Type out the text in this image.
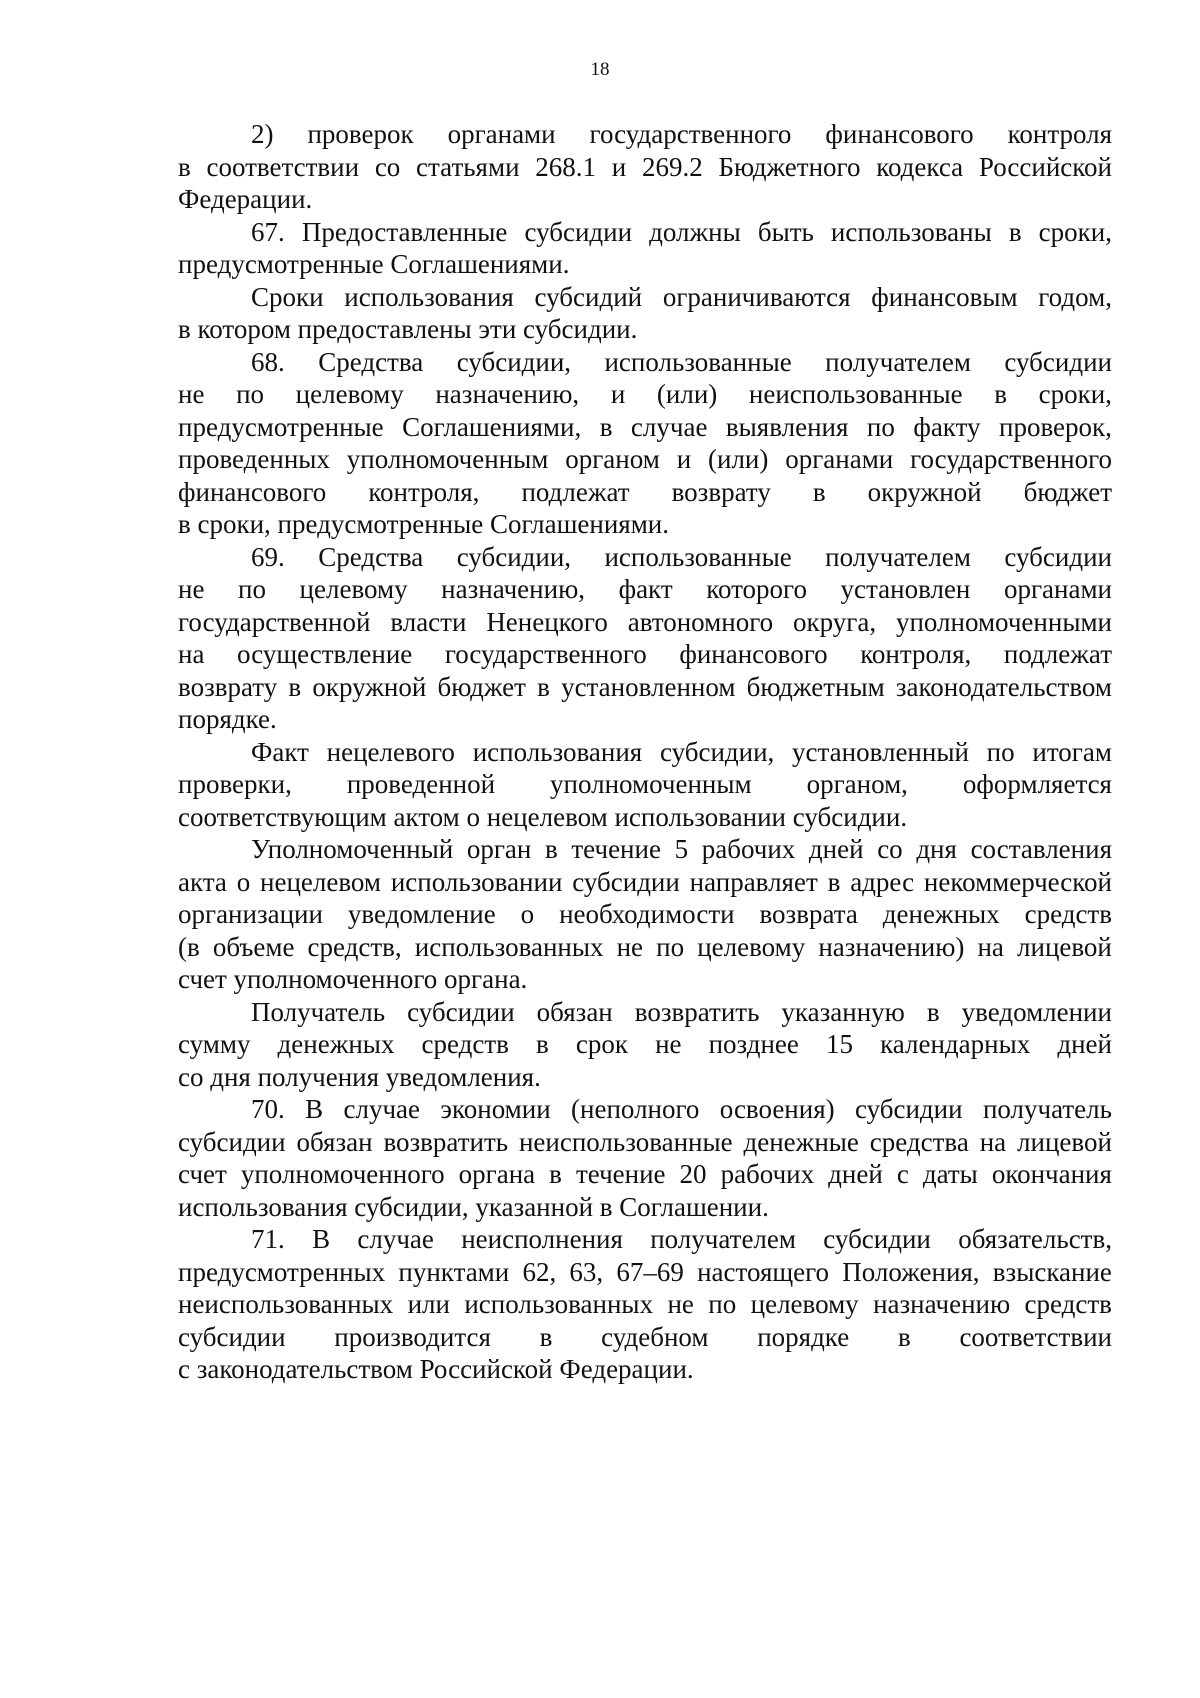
18
2) проверок органами государственного финансового контроля
в соответствии со статьями 268.1 и 269.2 Бюджетного кодекса Российской
Федерации.
67. Предоставленные субсидии должны быть использованы в сроки,
предусмотренные Соглашениями.
Сроки использования субсидий ограничиваются финансовым годом,
в котором предоставлены эти субсидии.
68. Средства субсидии, использованные получателем субсидии
не по целевому назначению, и (или) неиспользованные в сроки,
предусмотренные Соглашениями, в случае выявления по факту проверок,
проведенных уполномоченным органом и (или) органами государственного
финансового контроля, подлежат возврату в окружной бюджет
в сроки, предусмотренные Соглашениями.
69. Средства субсидии, использованные получателем субсидии
не по целевому назначению, факт которого установлен органами
государственной власти Ненецкого автономного округа, уполномоченными
на осуществление государственного финансового контроля, подлежат
возврату в окружной бюджет в установленном бюджетным законодательством
порядке.
Факт нецелевого использования субсидии, установленный по итогам
проверки, проведенной уполномоченным органом, оформляется
соответствующим актом о нецелевом использовании субсидии.
Уполномоченный орган в течение 5 рабочих дней со дня составления
акта о нецелевом использовании субсидии направляет в адрес некоммерческой
организации уведомление о необходимости возврата денежных средств
(в объеме средств, использованных не по целевому назначению) на лицевой
счет уполномоченного органа.
Получатель субсидии обязан возвратить указанную в уведомлении
сумму денежных средств в срок не позднее 15 календарных дней
со дня получения уведомления.
70. В случае экономии (неполного освоения) субсидии получатель
субсидии обязан возвратить неиспользованные денежные средства на лицевой
счет уполномоченного органа в течение 20 рабочих дней с даты окончания
использования субсидии, указанной в Соглашении.
71. В случае неисполнения получателем субсидии обязательств,
предусмотренных пунктами 62, 63, 67–69 настоящего Положения, взыскание
неиспользованных или использованных не по целевому назначению средств
субсидии производится в судебном порядке в соответствии
с законодательством Российской Федерации.
